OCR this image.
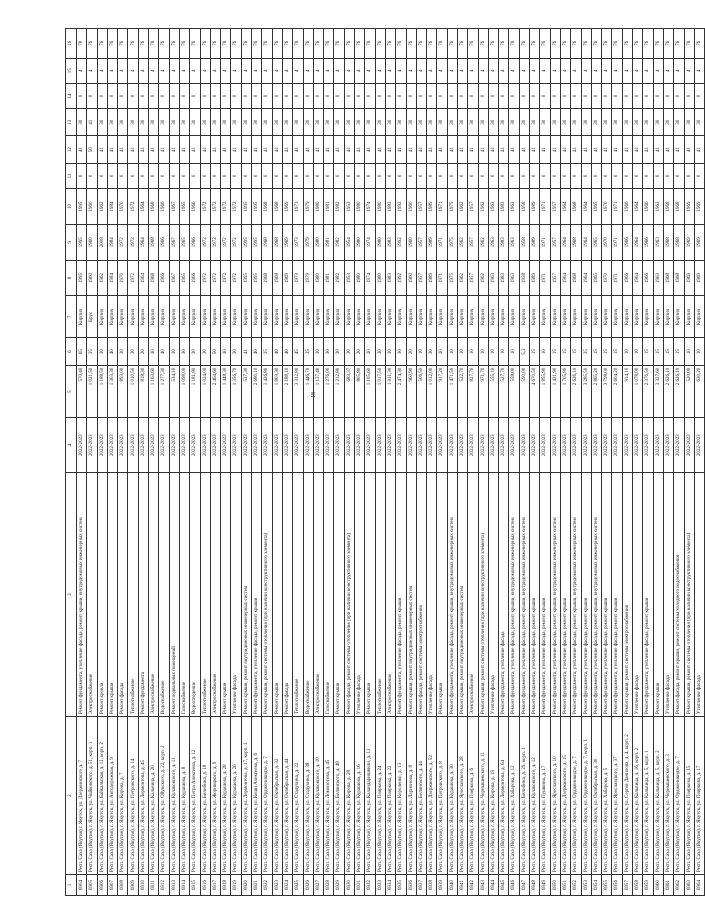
18
1	2	3	4	5	6	7	8	9	10	11	12	13	14	15	16
6904	Респ. Саха (Якутия) г. Якутск, ул. Дзержинского д. 7	Ремонт фундамента, утепление фасада, ремонт крыши, внутридомовых инженерных систем	2022-2023	570,40	65	Кирпич	1995	1995	1995	0	41	30	0	4	78
6905	Респ. Саха (Якутия), г. Якутск, ул. Чайковского, д. 51, корп. 1	Электроснабжение	2022-2023	1 021,50	35	Брус	1960	1960	1960	0	50	41	0	4	76
6906	Респ. Саха (Якутия), г. Якутск, ул. Байкальская, д. 11, корп. 2	Ремонт кровли	2022-2023	1 188,50	30	Кирпич	1962	2008	1962	0	41	30	0	4	76
6907	Респ. Саха (Якутия), г. Якутск, ул. Автодорожная, д. 9	Ремонт крыши	2022-2023	1 303,30	40	Кирпич	1984	1984	1984	0	41	30	0	4	76
6908	Респ. Саха (Якутия), г. Якутск, ул. Кирова, д. 7	Ремонт фасада	2022-2023	893,00	30	Кирпич	1970	1972	1970	0	41	30	0	4	76
6909	Респ. Саха (Якутия), г. Якутск, ул. Петровского, д. 14	Теплоснабжение	2022-2023	1 010,50	30	Кирпич	1972	1972	1972	0	41	30	0	4	76
6910	Респ. Саха (Якутия), г. Якутск, ул. Лермонтова, д. 45	Ремонт фундамента	2022-2023	818,30	20	Кирпич	1964	1964	1964	0	41	30	0	4	76
6911	Респ. Саха (Якутия), г. Якутск, ул. Кальвица, д. 20	Электроснабжение	2022-2023	1 163,60	30	Кирпич	1968	1968	1968	0	41	30	0	4	76
6912	Респ. Саха (Якутия), г. Якутск, ул. Ойунского, д. 22, корп. 2	Водоснабжение	2022-2023	1 277,30	40	Кирпич	1966	1966	1966	0	41	30	0	4	76
6913	Респ. Саха (Якутия), г. Якутск, ул. Кулаковского, д. 11	Ремонт подвальных помещений	2022-2023	534,10	30	Кирпич	1967	1967	1967	0	41	30	0	4	76
6914	Респ. Саха (Якутия), г. Якутск, ул. Курашова, д. 8	Газоснабжение	2022-2023	1 098,00	30	Кирпич	1965	1965	1965	0	41	30	0	4	76
6915	Респ. Саха (Якутия), г. Якутск, ул. Петра Алексеева, д. 12	Водоотведение	2022-2023	1 181,80	30	Кирпич	1966	1966	1966	0	41	30	0	4	76
6916	Респ. Саха (Якутия), г. Якутск, ул. Билибина, д. 18	Теплоснабжение	2022-2023	1 024,00	30	Кирпич	1972	1972	1972	0	41	30	0	4	76
6917	Респ. Саха (Якутия), г. Якутск, ул. Жорницкого, д. 9	Электроснабжение	2022-2023	2 464,60	50	Кирпич	1972	1972	1972	0	41	30	0	4	76
6918	Респ. Саха (Якутия), г. Якутск, ул. Курашова, д. 28	Ремонт крыши	2022-2023	1 448,30	30	Кирпич	1972	1972	1972	0	41	30	0	4	76
6919	Респ. Саха (Якутия), г. Якутск, ул. Курашова, д. 26	Утепление фасада	2022-2023	1 356,70	30	Кирпич	1972	1972	1972	0	41	30	0	4	76
6920	Респ. Саха (Якутия), г. Якутск, ул. Лермонтова, д. 17, корп. 1	Ремонт крыши, ремонт внутридомовых инженерных систем	2022-2023	537,30	41	Кирпич	1995	1995	1995	0	41	30	0	4	76
6921	Респ. Саха (Якутия), г. Якутск, ул. Кеши Алексеева, д. 6	Ремонт фундамента, утепление фасада, ремонт крыши	2022-2023	2 680,10	40	Кирпич	1995	1995	1995	0	41	30	0	4	76
6922	Респ. Саха (Якутия), г. Якутск, ул. Орджоникидзе, д. 7	Ремонт крыши, ремонт системы отопления (при наличии конструктивного элемента)	2022-2023	1 426,80	35	Кирпич	1968	1968	1968	0	41	30	0	4	76
6923	Респ. Саха (Якутия), г. Якутск, ул. Октябрьская, д. 32	Ремонт крыши	2022-2023	1 803,30	40	Кирпич	1968	1968	1968	0	41	30	0	4	76
6924	Респ. Саха (Якутия), г. Якутск, ул. Октябрьская, д. 44	Ремонт фасада	2022-2023	2 188,10	40	Кирпич	1969	1969	1969	0	41	30	0	4	76
6925	Респ. Саха (Якутия), г. Якутск, ул. Стадухина, д. 22	Теплоснабжение	2022-2023	3 312,80	45	Кирпич	1973	1973	1973	0	41	30	0	4	76
6926	Респ. Саха (Якутия), г. Якутск, ул. Стадухина, д. 38	Водоснабжение	2022-2023	1 446,70	35	Кирпич	1979	1979	1979	0	41	30	0	4	76
6927	Респ. Саха (Якутия), г. Якутск, ул. Кулаковского, д. 10	Электроснабжение	2022-2023	1 137,40	30	Кирпич	1980	1980	1980	0	41	30	0	4	76
6928	Респ. Саха (Якутия), г. Якутск, ул. Ломоносова, д. 45	Газоснабжение	2022-2023	1 276,00	30	Кирпич	1981	1981	1981	0	41	30	0	4	76
6929	Респ. Саха (Якутия), г. Якутск, ул. Белинского, д. 48	Ремонт крыши	2022-2023	1 212,80	30	Кирпич	1982	1982	1982	0	41	30	0	4	76
6930	Респ. Саха (Якутия), г. Якутск, ул. Кирова, д. 28	Ремонт фасада, ремонт системы отопления (при наличии конструктивного элемента)	2022-2023	683,37	30	Кирпич	1953	1954	1953	0	41	30	0	4	76
6931	Респ. Саха (Якутия), г. Якутск, ул. Курашова, д. 16	Утепление фасада	2022-2023	805,80	20	Кирпич	1980	1980	1980	0	41	30	0	4	76
6932	Респ. Саха (Якутия), г. Якутск, ул. Каландаришвили, д. 12	Ремонт крыши	2022-2023	1 105,60	20	Кирпич	1974	1974	1974	0	41	30	0	4	76
6933	Респ. Саха (Якутия), г. Якутск, ул. Пояркова, д. 24	Теплоснабжение	2022-2023	1 017,50	30	Кирпич	1980	1980	1980	0	41	30	0	4	76
6934	Респ. Саха (Якутия), г. Якутск, ул. Пояркова, д. 22	Электроснабжение	2022-2023	1 011,30	30	Кирпич	1983	1983	1983	0	41	30	0	4	76
6935	Респ. Саха (Якутия), г. Якутск, ул. Короленко, д. 13	Ремонт фундамента, утепление фасада, ремонт крыши	2022-2023	2 474,30	30	Кирпич	1992	1992	1992	0	41	30	0	4	76
6936	Респ. Саха (Якутия), г. Якутск, ул. Ларионова, д. 8	Ремонт крыши, ремонт внутридомовых инженерных систем	2022-2023	960,90	20	Кирпич	1960	1960	1960	0	41	30	0	4	76
6937	Респ. Саха (Якутия), г. Якутск, ул. Белинского, д. 44	Ремонт фасада, ремонт системы электроснабжения	2022-2023	506,50	10	Кирпич	1957	1957	1957	0	41	30	0	4	76
6938	Респ. Саха (Якутия), г. Якутск, ул. Дзержинского, д. 52	Утепление фасада	2022-2023	1 012,00	30	Кирпич	1989	1989	1989	0	41	30	0	4	76
6939	Респ. Саха (Якутия), г. Якутск, ул. Петровского, д. 8	Ремонт крыши	2022-2023	917,20	20	Кирпич	1971	1971	1971	0	41	30	0	4	76
6940	Респ. Саха (Якутия), г. Якутск, ул. Курашова, д. 30	Ремонт фундамента, утепление фасада, ремонт крыши, внутридомовых инженерных систем	2022-2023	1 471,50	10	Кирпич	1975	1975	1975	0	41	30	0	4	76
6941	Респ. Саха (Якутия), г. Якутск, ул. Ярославского, д. 28	Ремонт крыши, ремонт внутридомовых инженерных систем	2022-2023	522,70	10	Кирпич	1962	1962	1962	0	41	30	0	4	76
6942	Респ. Саха (Якутия), г. Якутск, ул. Пояркова, д. 6	Электроснабжение	2022-2023	827,70	10	Кирпич	1957	1957	1957	0	41	30	0	4	76
6943	Респ. Саха (Якутия), г. Якутск, ул. Чернышевского, д. 11	Ремонт крыши, ремонт системы отопления (при наличии конструктивного элемента)	2022-2023	971,70	10	Кирпич	1962	1962	1962	0	41	30	0	4	76
6944	Респ. Саха (Якутия), г. Якутск, ул. Кирова, д. 19	Утепление фасада	2022-2023	555,10	10	Кирпич	1963	1963	1963	0	41	30	0	4	76
6945	Респ. Саха (Якутия), г. Якутск, ул. Лермонтова, д. 64	Ремонт фундамента, утепление фасада	2022-2023	527,70	10	Кирпич	1983	1983	1983	0	41	30	0	4	76
6946	Респ. Саха (Якутия), г. Якутск, ул. Хабарова, д. 12	Ремонт фундамента, утепление фасада, ремонт крыши, внутридомовых инженерных систем	2022-2023	558,00	10	Кирпич	1963	1963	1963	0	41	30	0	4	76
6947	Респ. Саха (Якутия), г. Якутск, ул. Билибина, д. 29, корп. 1	Ремонт фундамента, утепление фасада, ремонт крыши, внутридомовых инженерных систем	2022-2023	590,00	5,3	Кирпич	1958	1958	1958	0	41	30	0	4	76
6948	Респ. Саха (Якутия), г. Якутск, ул. Кулаковского, д. 12	Ремонт фундамента, утепление фасада, ремонт крыши	2022-2023	4 670,50	15	Кирпич	1989	1989	1989	0	41	30	0	4	76
6949	Респ. Саха (Якутия), г. Якутск, ул. Пушкина, д. 17	Ремонт фундамента, утепление фасада, ремонт крыши	2022-2023	1 855,90	10	Кирпич	1971	1971	1971	0	41	30	0	4	76
6950	Респ. Саха (Якутия), г. Якутск, ул. Ярославского, д. 10	Ремонт фундамента, утепление фасада, ремонт крыши, внутридомовых инженерных систем	2022-2023	1 431,90	15	Кирпич	1957	1957	1957	0	41	30	0	4	76
6951	Респ. Саха (Якутия), г. Якутск, ул. Дзержинского, д. 15	Ремонт фундамента, утепление фасада, ремонт крыши	2022-2023	1 705,80	15	Кирпич	1964	1964	1964	0	41	30	0	4	76
6952	Респ. Саха (Якутия), г. Якутск, ул. Орджоникидзе, д. 7	Ремонт фундамента, утепление фасада, ремонт крыши, внутридомовых инженерных систем	2022-2023	2 626,10	15	Кирпич	1968	1968	1968	0	41	30	0	4	76
6953	Респ. Саха (Якутия), г. Якутск, ул. Орджоникидзе, д. 7, корп. 1	Ремонт фундамента, утепление фасада, ремонт крыши	2022-2023	3 285,50	35	Кирпич	1964	1964	1964	0	41	30	0	4	76
6954	Респ. Саха (Якутия), г. Якутск, ул. Октябрьская, д. 30	Ремонт фундамента, утепление фасада, ремонт крыши, внутридомовых инженерных систем	2022-2023	2 865,20	15	Кирпич	1965	1965	1965	0	41	30	0	4	76
6955	Респ. Саха (Якутия), г. Якутск, ул. Хабарова, д. 5	Ремонт фундамента, утепление фасада, ремонт крыши	2022-2023	3 798,00	15	Кирпич	1970	1970	1970	0	41	30	0	4	76
6956	Респ. Саха (Якутия), г. Якутск, ул. Ярославского, д. 37	Ремонт фундамента, утепление фасада, ремонт крыши	2022-2023	2 604,20	15	Кирпич	1971	1971	1971	0	41	30	0	4	76
6957	Респ. Саха (Якутия), г. Якутск, ул. Сергея Данилова, д. 4, корп. 2	Ремонт крыши, ремонт системы электроснабжения	2022-2023	914,10	10	Кирпич	1966	1966	1966	0	41	30	0	4	76
6958	Респ. Саха (Якутия), г. Якутск, ул. Кальвица, д. 16, корп. 2	Утепление фасада	2022-2023	1 078,00	10	Кирпич	1964	1964	1964	0	41	30	0	4	76
6959	Респ. Саха (Якутия), г. Якутск, ул. Кальвица, д. 5, корп. 1	Ремонт фундамента, утепление фасада, ремонт крыши	2022-2023	2 376,50	15	Кирпич	1966	1966	1966	0	41	30	0	4	76
6960	Респ. Саха (Якутия), г. Якутск, ул. Кальвица, д. 5, корп. 2	Ремонт крыши	2022-2023	3 327,60	15	Кирпич	1963	1963	1963	0	41	30	0	4	76
6961	Респ. Саха (Якутия), г. Якутск, ул. Чернышевского, д. 3	Утепление фасада	2022-2023	2 626,10	15	Кирпич	1968	1968	1968	0	41	30	0	4	76
6962	Респ. Саха (Якутия), г. Якутск, ул. Орджоникидзе, д. 7	Ремонт фасада, ремонт крыши, ремонт системы холодного водоснабжения	2022-2023	2 626,10	15	Кирпич	1968	1968	1968	0	41	30	0	4	76
6963	Респ. Саха (Якутия), г. Якутск, ул. Пояркова, д. 15	Ремонт крыши, ремонт системы отопления (при наличии конструктивного элемента)	2022-2023	520,00	10	Кирпич	1969	1969	1969	0	41	30	0	4	76
6964	Респ. Саха (Якутия), г. Якутск, ул. Пояркова, д. 17	Утепление фасада	2022-2023	630,20	10	Кирпич	1969	1969	1969	0	41	30	0	4	76
